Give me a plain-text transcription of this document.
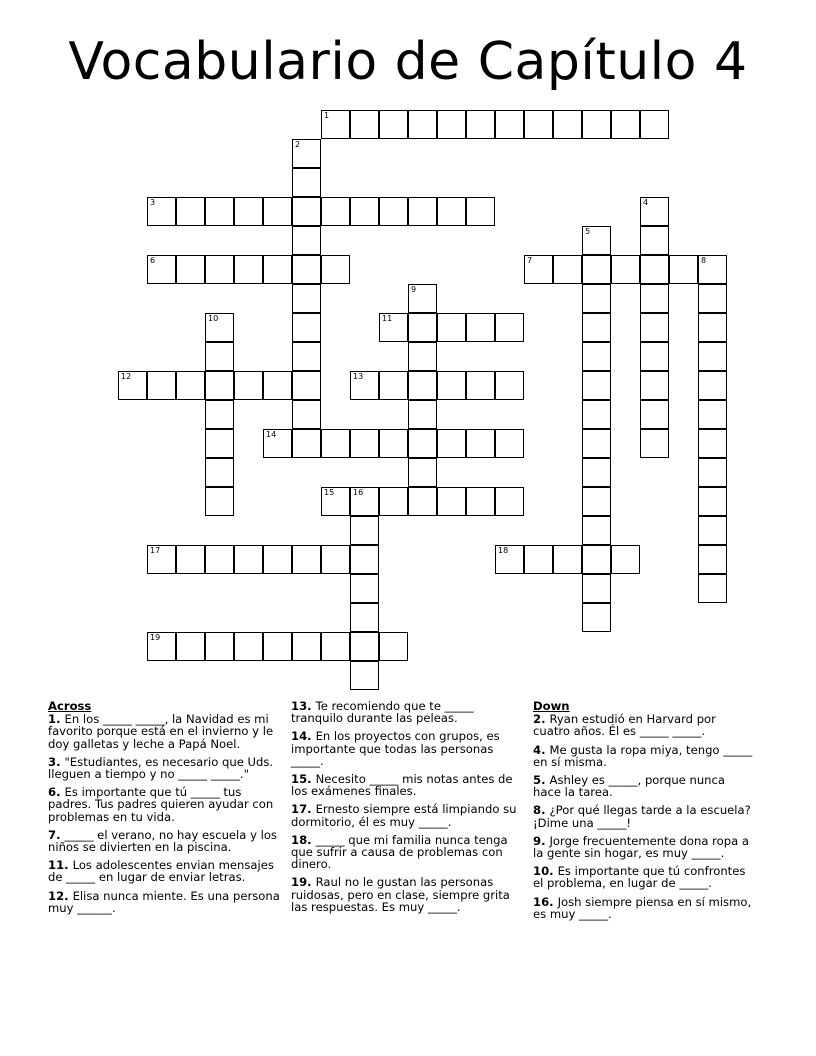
Vocabulario de Capítulo 4
1
2
3	4
5
6	7	8
9
10	11
12	13
14
15 16
17	18
19
Across
1. En los _____ _____, la Navidad es mi favorito porque está en el invierno y le doy galletas y leche a Papá Noel.
3. "Estudiantes, es necesario que Uds. lleguen a tiempo y no _____ _____."
6. Es importante que tú _____ tus padres. Tus padres quieren ayudar con problemas en tu vida.
7. _____ el verano, no hay escuela y los niños se divierten en la piscina.
11. Los adolescentes envian mensajes de _____ en lugar de enviar letras.
12. Elisa nunca miente. Es una persona muy ______.
13. Te recomiendo que te _____ tranquilo durante las peleas.
14. En los proyectos con grupos, es importante que todas las personas _____.
15. Necesito _____ mis notas antes de los exámenes finales.
17. Ernesto siempre está limpiando su dormitorio, él es muy _____.
18. _____ que mi familia nunca tenga que sufrir a causa de problemas con dinero.
19. Raul no le gustan las personas ruidosas, pero en clase, siempre grita las respuestas. Es muy _____.
Down
2. Ryan estudió en Harvard por cuatro años. Él es _____ _____.
4. Me gusta la ropa miya, tengo _____ en sí misma.
5. Ashley es _____, porque nunca hace la tarea.
8. ¿Por qué llegas tarde a la escuela? ¡Dime una _____!
9. Jorge frecuentemente dona ropa a la gente sin hogar, es muy _____.
10. Es importante que tú confrontes el problema, en lugar de _____.
16. Josh siempre piensa en sí mismo, es muy _____.
